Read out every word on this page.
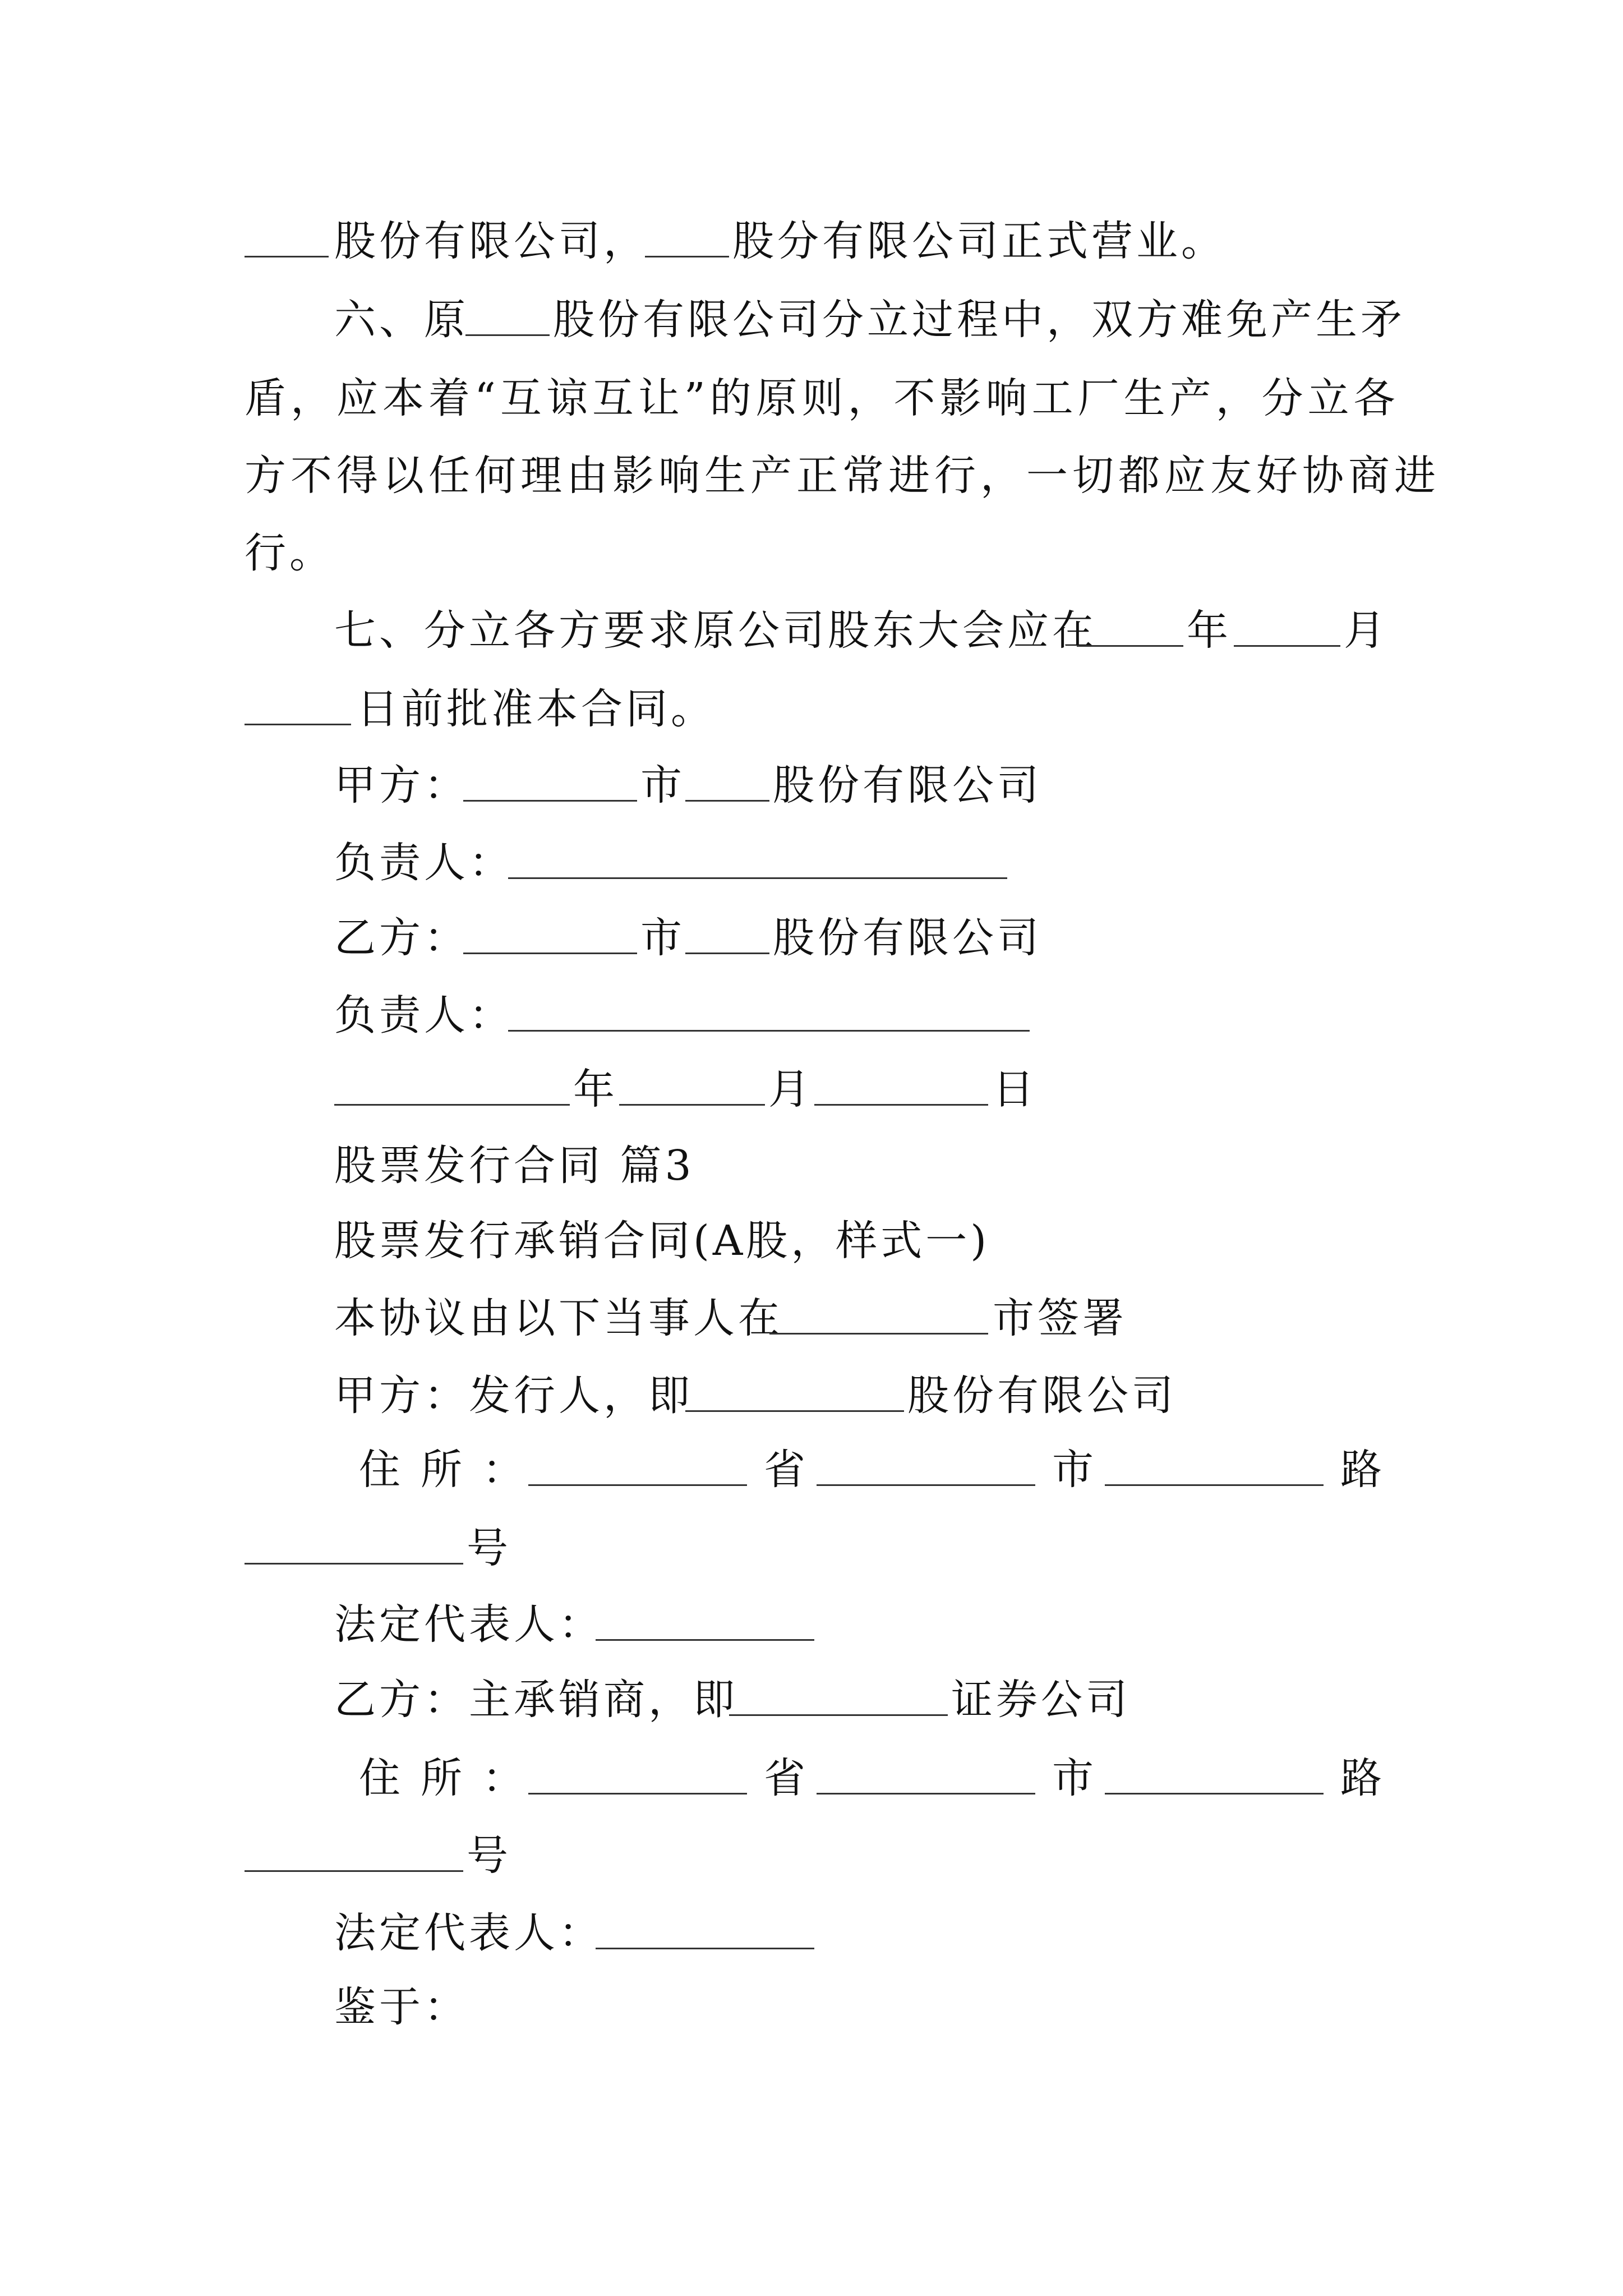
股份有限公司， 股分有限公司正式营业。
六、原 股份有限公司分立过程中，双方难免产生矛
盾，应本着“互谅互让”的原则，不影响工厂生产，分立各
方不得以任何理由影响生产正常进行，一切都应友好协商进
行。
七、分立各方要求原公司股东大会应在 年	月
日前批准本合同。
甲方：	市 股份有限公司
负责人：
乙方：	市 股份有限公司
负责人：
年	月	日
股票发行合同 篇3
股票发行承销合同(A股，样式一)
本协议由以下当事人在	市签署
甲方：发行人，即	股份有限公司
住 所 ：	省	市	路
号
法定代表人：
乙方：主承销商，即	证券公司
住 所 ：	省	市	路
号
法定代表人：
鉴于：
